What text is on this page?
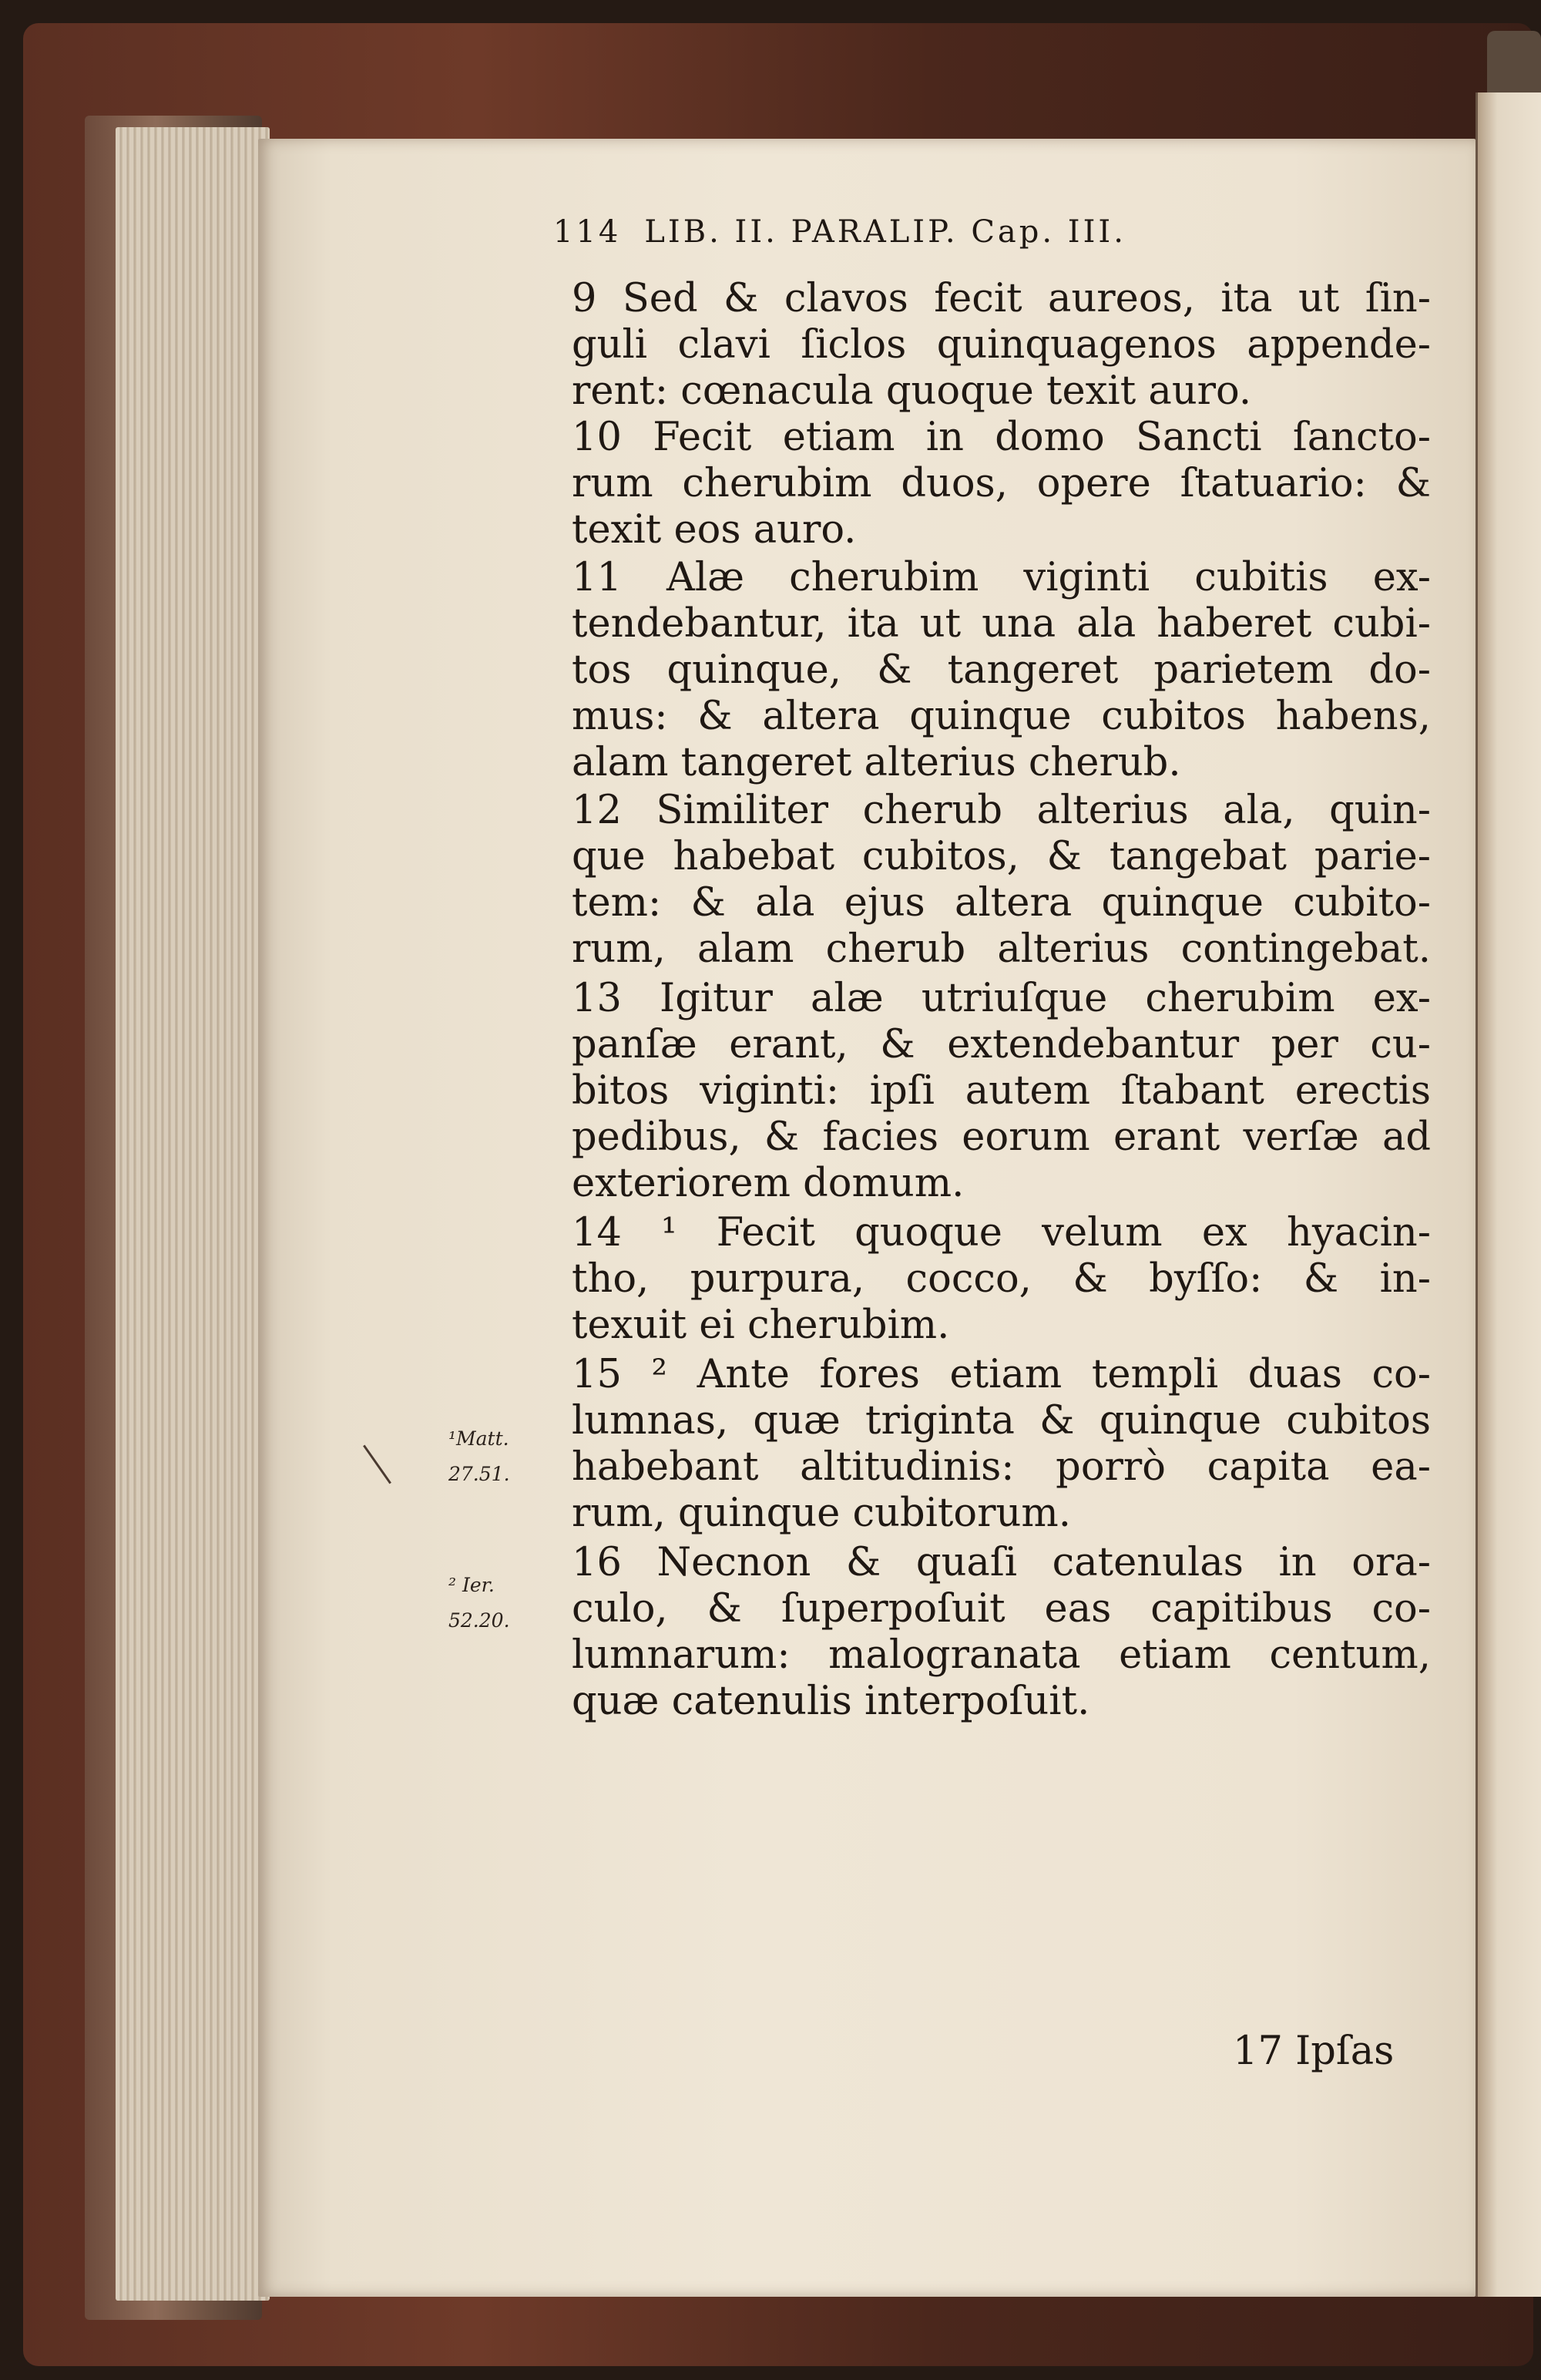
114 LIB. II. PARALIP. Cap. III.
9 Sed & clavos fecit aureos, ita ut ſin-
guli clavi ſiclos quinquagenos appende-
rent: cœnacula quoque texit auro.
10 Fecit etiam in domo Sancti ſancto-
rum cherubim duos, opere ſtatuario: &
texit eos auro.
11 Alæ cherubim viginti cubitis ex-
tendebantur, ita ut una ala haberet cubi-
tos quinque, & tangeret parietem do-
mus: & altera quinque cubitos habens,
alam tangeret alterius cherub.
12 Similiter cherub alterius ala, quin-
que habebat cubitos, & tangebat parie-
tem: & ala ejus altera quinque cubito-
rum, alam cherub alterius contingebat.
13 Igitur alæ utriuſque cherubim ex-
panſæ erant, & extendebantur per cu-
bitos viginti: ipſi autem ſtabant erectis
pedibus, & facies eorum erant verſæ ad
exteriorem domum.
14 ¹ Fecit quoque velum ex hyacin-
tho, purpura, cocco, & byſſo: & in-
texuit ei cherubim.
15 ² Ante fores etiam templi duas co-
lumnas, quæ triginta & quinque cubitos
habebant altitudinis: porrò capita ea-
rum, quinque cubitorum.
16 Necnon & quaſi catenulas in ora-
culo, & ſuperpoſuit eas capitibus co-
lumnarum: malogranata etiam centum,
quæ catenulis interpoſuit.
¹Matt.
27.51.
² Ier.
52.20.
17 Ipſas
